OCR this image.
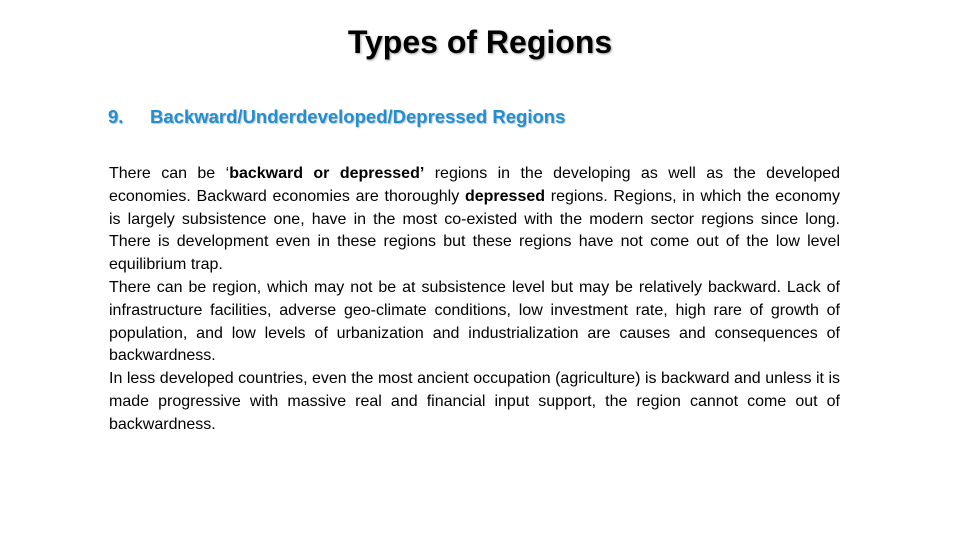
Types of Regions
9. Backward/Underdeveloped/Depressed Regions

There can be ‘backward or depressed’ regions in the developing as well as the developed economies. Backward economies are thoroughly depressed regions. Regions, in which the economy is largely subsistence one, have in the most co-existed with the modern sector regions since long. There is development even in these regions but these regions have not come out of the low level equilibrium trap.

There can be region, which may not be at subsistence level but may be relatively backward. Lack of infrastructure facilities, adverse geo-climate conditions, low investment rate, high rare of growth of population, and low levels of urbanization and industrialization are causes and consequences of backwardness.

In less developed countries, even the most ancient occupation (agriculture) is backward and unless it is made progressive with massive real and financial input support, the region cannot come out of backwardness.
